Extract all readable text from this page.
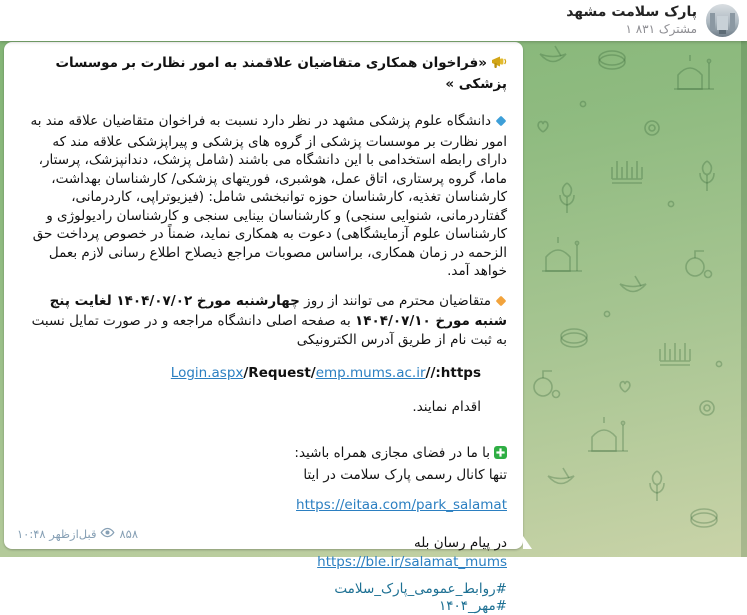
پارک سلامت مشهد
۱ ۸۳۱ مشترک
«فراخوان همکاری متقاضیان علاقمند به امور نظارت بر موسسات پزشکی »

دانشگاه علوم پزشکی مشهد در نظر دارد نسبت به فراخوان متقاضیان علاقه مند به امور نظارت بر موسسات پزشکی از گروه های پزشکی و پیراپزشکی علاقه مند که دارای رابطه استخدامی با این دانشگاه می باشند (شامل پزشک، دندانپزشک، پرستار، ماما، گروه پرستاری، اتاق عمل، هوشبری، فوریتهای پزشکی/ کارشناسان بهداشت، کارشناسان تغذیه، کارشناسان حوزه توانبخشی شامل: (فیزیوتراپی، کاردرمانی، گفتاردرمانی، شنوایی سنجی) و کارشناسان بینایی سنجی و کارشناسان رادیولوژی و کارشناسان علوم آزمایشگاهی) دعوت به همکاری نماید، ضمناً در خصوص پرداخت حق الزحمه در زمان همکاری، براساس مصوبات مراجع ذیصلاح اطلاع رسانی لازم بعمل خواهد آمد.

متقاضیان محترم می توانند از روز چهارشنبه مورخ ۱۴۰۴/۰۷/۰۲ لغایت پنج شنبه مورخ ۱۴۰۴/۰۷/۱۰ به صفحه اصلی دانشگاه مراجعه و در صورت تمایل نسبت به ثبت نام از طریق آدرس الکترونیکی

Login.aspx/Request/emp.mums.ac.ir//:https
اقدام نمایند.
با ما در فضای مجازی همراه باشید:
تنها کانال رسمی پارک سلامت در ایتا
https://eitaa.com/park_salamat
در پیام رسان بله
https://ble.ir/salamat_mums
#روابط_عمومی_پارک_سلامت
#مهر_۱۴۰۴
۱۰:۴۸ قبل‌ازظهر ۸۵۸
